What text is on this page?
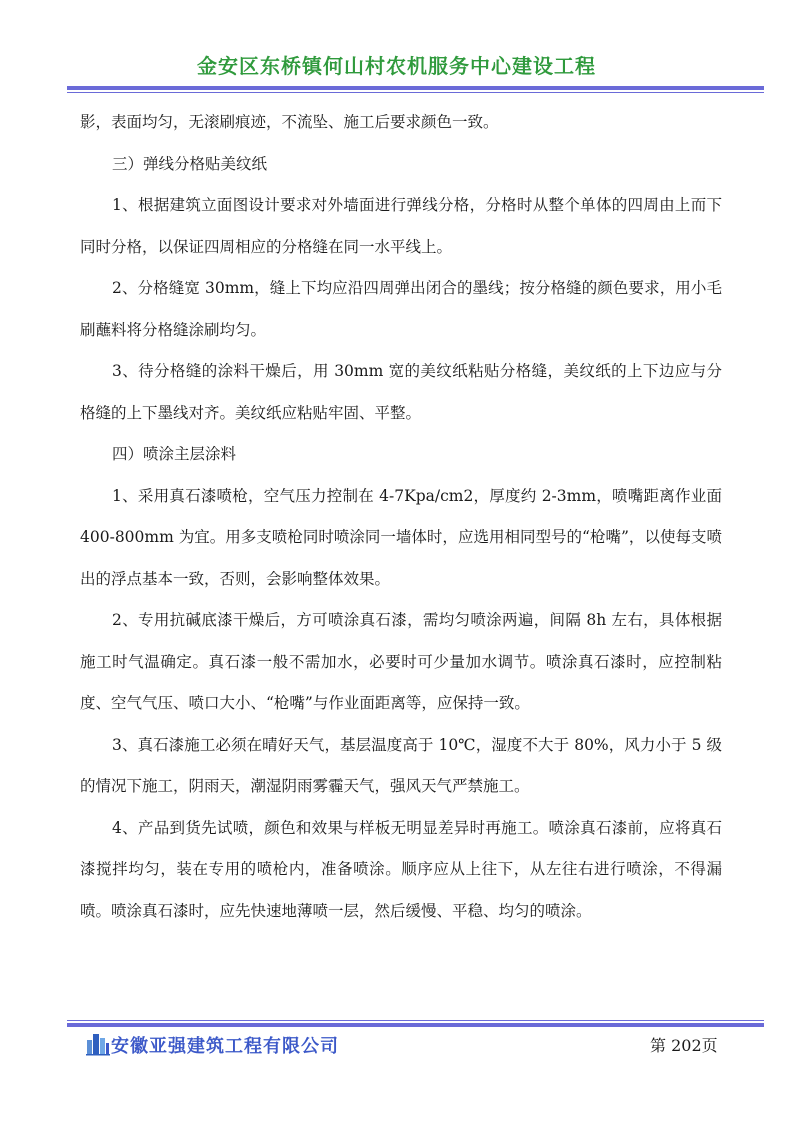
金安区东桥镇何山村农机服务中心建设工程

影，表面均匀，无滚刷痕迹，不流坠、施工后要求颜色一致。

三）弹线分格贴美纹纸

1、根据建筑立面图设计要求对外墙面进行弹线分格，分格时从整个单体的四周由上而下同时分格，以保证四周相应的分格缝在同一水平线上。

2、分格缝宽 30mm，缝上下均应沿四周弹出闭合的墨线；按分格缝的颜色要求，用小毛刷蘸料将分格缝涂刷均匀。

3、待分格缝的涂料干燥后，用 30mm 宽的美纹纸粘贴分格缝，美纹纸的上下边应与分格缝的上下墨线对齐。美纹纸应粘贴牢固、平整。

四）喷涂主层涂料

1、采用真石漆喷枪，空气压力控制在 4-7Kpa/cm2，厚度约 2-3mm，喷嘴距离作业面 400-800mm 为宜。用多支喷枪同时喷涂同一墙体时，应选用相同型号的“枪嘴”，以使每支喷出的浮点基本一致，否则，会影响整体效果。

2、专用抗碱底漆干燥后，方可喷涂真石漆，需均匀喷涂两遍，间隔 8h 左右，具体根据施工时气温确定。真石漆一般不需加水，必要时可少量加水调节。喷涂真石漆时，应控制粘度、空气气压、喷口大小、“枪嘴”与作业面距离等，应保持一致。

3、真石漆施工必须在晴好天气，基层温度高于 10℃，湿度不大于 80%，风力小于 5 级的情况下施工，阴雨天，潮湿阴雨雾霾天气，强风天气严禁施工。

4、产品到货先试喷，颜色和效果与样板无明显差异时再施工。喷涂真石漆前，应将真石漆搅拌均匀，装在专用的喷枪内，准备喷涂。顺序应从上往下，从左往右进行喷涂，不得漏喷。喷涂真石漆时，应先快速地薄喷一层，然后缓慢、平稳、均匀的喷涂。

安徽亚强建筑工程有限公司	第 202页
